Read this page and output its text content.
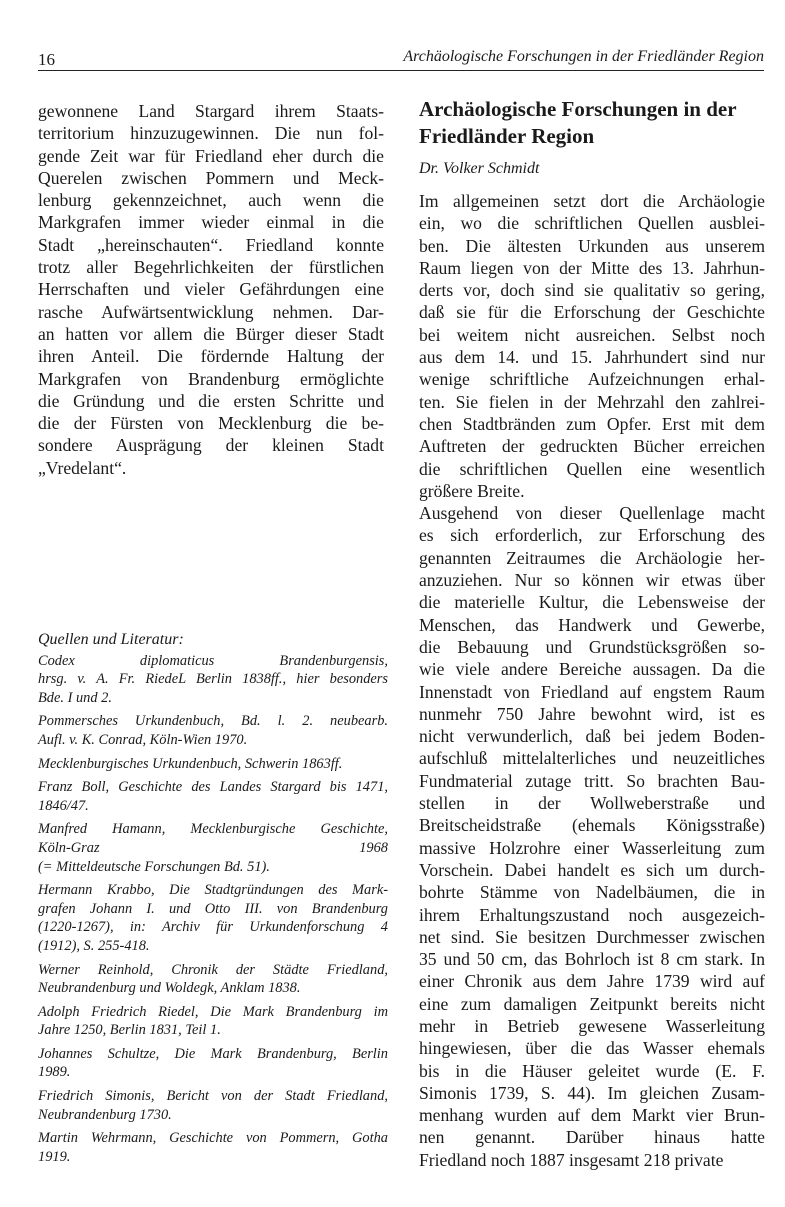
16	Archäologische Forschungen in der Friedländer Region

gewonnene Land Stargard ihrem Staats-
territorium hinzuzugewinnen. Die nun fol-
gende Zeit war für Friedland eher durch die
Querelen zwischen Pommern und Meck-
lenburg gekennzeichnet, auch wenn die
Markgrafen immer wieder einmal in die
Stadt „hereinschauten“. Friedland konnte
trotz aller Begehrlichkeiten der fürstlichen
Herrschaften und vieler Gefährdungen eine
rasche Aufwärtsentwicklung nehmen. Dar-
an hatten vor allem die Bürger dieser Stadt
ihren Anteil. Die fördernde Haltung der
Markgrafen von Brandenburg ermöglichte
die Gründung und die ersten Schritte und
die der Fürsten von Mecklenburg die be-
sondere Ausprägung der kleinen Stadt
„Vredelant“.

Quellen und Literatur:
Codex diplomaticus Brandenburgensis,
hrsg. v. A. Fr. RiedeL Berlin 1838ff., hier besonders
Bde. I und 2.
Pommersches Urkundenbuch, Bd. l. 2. neubearb.
Aufl. v. K. Conrad, Köln-Wien 1970.
Mecklenburgisches Urkundenbuch, Schwerin 1863ff.
Franz Boll, Geschichte des Landes Stargard bis 1471,
1846/47.
Manfred Hamann, Mecklenburgische Geschichte,
Köln-Graz 1968
(= Mitteldeutsche Forschungen Bd. 51).
Hermann Krabbo, Die Stadtgründungen des Mark-
grafen Johann I. und Otto III. von Brandenburg
(1220-1267), in: Archiv für Urkundenforschung 4
(1912), S. 255-418.
Werner Reinhold, Chronik der Städte Friedland,
Neubrandenburg und Woldegk, Anklam 1838.
Adolph Friedrich Riedel, Die Mark Brandenburg im
Jahre 1250, Berlin 1831, Teil 1.
Johannes Schultze, Die Mark Brandenburg, Berlin
1989.
Friedrich Simonis, Bericht von der Stadt Friedland,
Neubrandenburg 1730.
Martin Wehrmann, Geschichte von Pommern, Gotha
1919.
Archäologische Forschungen in der
Friedländer Region
Dr. Volker Schmidt

Im allgemeinen setzt dort die Archäologie
ein, wo die schriftlichen Quellen ausblei-
ben. Die ältesten Urkunden aus unserem
Raum liegen von der Mitte des 13. Jahrhun-
derts vor, doch sind sie qualitativ so gering,
daß sie für die Erforschung der Geschichte
bei weitem nicht ausreichen. Selbst noch
aus dem 14. und 15. Jahrhundert sind nur
wenige schriftliche Aufzeichnungen erhal-
ten. Sie fielen in der Mehrzahl den zahlrei-
chen Stadtbränden zum Opfer. Erst mit dem
Auftreten der gedruckten Bücher erreichen
die schriftlichen Quellen eine wesentlich
größere Breite.

Ausgehend von dieser Quellenlage macht
es sich erforderlich, zur Erforschung des
genannten Zeitraumes die Archäologie her-
anzuziehen. Nur so können wir etwas über
die materielle Kultur, die Lebensweise der
Menschen, das Handwerk und Gewerbe,
die Bebauung und Grundstücksgrößen so-
wie viele andere Bereiche aussagen. Da die
Innenstadt von Friedland auf engstem Raum
nunmehr 750 Jahre bewohnt wird, ist es
nicht verwunderlich, daß bei jedem Boden-
aufschluß mittelalterliches und neuzeitliches
Fundmaterial zutage tritt. So brachten Bau-
stellen in der Wollweberstraße und
Breitscheidstraße (ehemals Königsstraße)
massive Holzrohre einer Wasserleitung zum
Vorschein. Dabei handelt es sich um durch-
bohrte Stämme von Nadelbäumen, die in
ihrem Erhaltungszustand noch ausgezeich-
net sind. Sie besitzen Durchmesser zwischen
35 und 50 cm, das Bohrloch ist 8 cm stark. In
einer Chronik aus dem Jahre 1739 wird auf
eine zum damaligen Zeitpunkt bereits nicht
mehr in Betrieb gewesene Wasserleitung
hingewiesen, über die das Wasser ehemals
bis in die Häuser geleitet wurde (E. F.
Simonis 1739, S. 44). Im gleichen Zusam-
menhang wurden auf dem Markt vier Brun-
nen genannt. Darüber hinaus hatte
Friedland noch 1887 insgesamt 218 private
